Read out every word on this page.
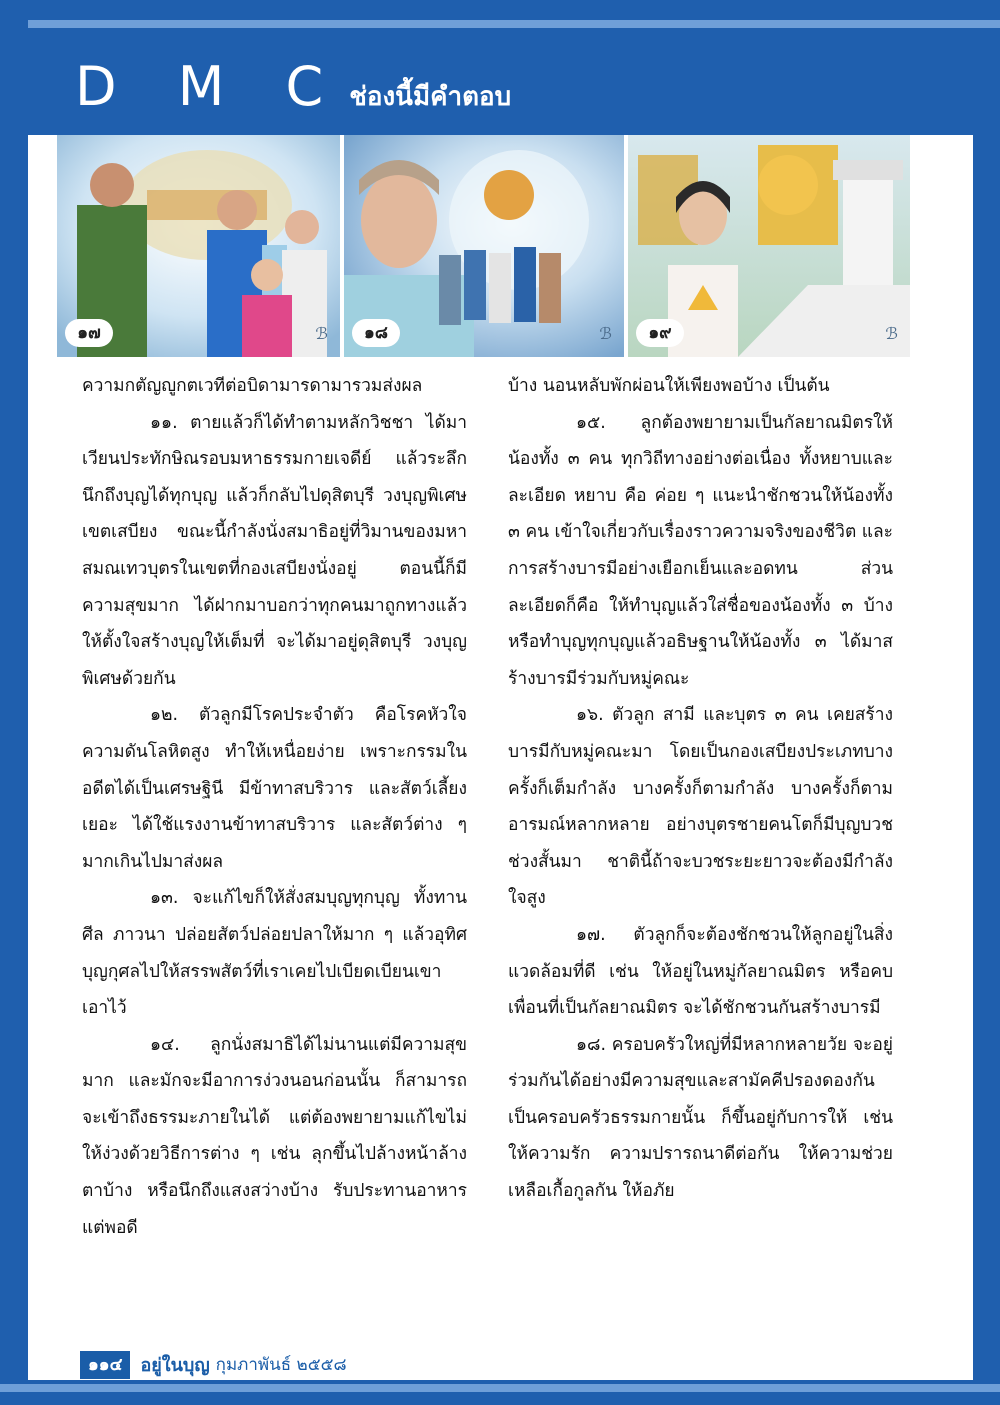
D M C ช่องนี้มีคำตอบ
๑๗	ℬ	๑๘	ℬ	๑๙	ℬ

ความกตัญญูกตเวทีต่อบิดามารดามารวมส่งผล

๑๑. ตายแล้วก็ได้ทำตามหลักวิชชา ได้มาเวียนประทักษิณรอบมหาธรรมกายเจดีย์ แล้วระลึกนึกถึงบุญได้ทุกบุญ แล้วก็กลับไปดุสิตบุรี วงบุญพิเศษ เขตเสบียง ขณะนี้กำลังนั่งสมาธิอยู่ที่วิมานของมหาสมณเทวบุตรในเขตที่กองเสบียงนั่งอยู่ ตอนนี้ก็มีความสุขมาก ได้ฝากมาบอกว่าทุกคนมาถูกทางแล้ว ให้ตั้งใจสร้างบุญให้เต็มที่ จะได้มาอยู่ดุสิตบุรี วงบุญพิเศษด้วยกัน

๑๒. ตัวลูกมีโรคประจำตัว คือโรคหัวใจ ความดันโลหิตสูง ทำให้เหนื่อยง่าย เพราะกรรมในอดีตได้เป็นเศรษฐินี มีข้าทาสบริวาร และสัตว์เลี้ยงเยอะ ได้ใช้แรงงานข้าทาสบริวาร และสัตว์ต่าง ๆ มากเกินไปมาส่งผล

๑๓. จะแก้ไขก็ให้สั่งสมบุญทุกบุญ ทั้งทาน ศีล ภาวนา ปล่อยสัตว์ปล่อยปลาให้มาก ๆ แล้วอุทิศบุญกุศลไปให้สรรพสัตว์ที่เราเคยไปเบียดเบียนเขาเอาไว้

๑๔. ลูกนั่งสมาธิได้ไม่นานแต่มีความสุขมาก และมักจะมีอาการง่วงนอนก่อนนั้น ก็สามารถจะเข้าถึงธรรมะภายในได้ แต่ต้องพยายามแก้ไขไม่ให้ง่วงด้วยวิธีการต่าง ๆ เช่น ลุกขึ้นไปล้างหน้าล้างตาบ้าง หรือนึกถึงแสงสว่างบ้าง รับประทานอาหารแต่พอดี

บ้าง นอนหลับพักผ่อนให้เพียงพอบ้าง เป็นต้น

๑๕. ลูกต้องพยายามเป็นกัลยาณมิตรให้น้องทั้ง ๓ คน ทุกวิถีทางอย่างต่อเนื่อง ทั้งหยาบและละเอียด หยาบ คือ ค่อย ๆ แนะนำชักชวนให้น้องทั้ง ๓ คน เข้าใจเกี่ยวกับเรื่องราวความจริงของชีวิต และการสร้างบารมีอย่างเยือกเย็นและอดทน ส่วนละเอียดก็คือ ให้ทำบุญแล้วใส่ชื่อของน้องทั้ง ๓ บ้าง หรือทำบุญทุกบุญแล้วอธิษฐานให้น้องทั้ง ๓ ได้มาสร้างบารมีร่วมกับหมู่คณะ

๑๖. ตัวลูก สามี และบุตร ๓ คน เคยสร้างบารมีกับหมู่คณะมา โดยเป็นกองเสบียงประเภทบางครั้งก็เต็มกำลัง บางครั้งก็ตามกำลัง บางครั้งก็ตามอารมณ์หลากหลาย อย่างบุตรชายคนโตก็มีบุญบวชช่วงสั้นมา ชาตินี้ถ้าจะบวชระยะยาวจะต้องมีกำลังใจสูง

๑๗. ตัวลูกก็จะต้องชักชวนให้ลูกอยู่ในสิ่งแวดล้อมที่ดี เช่น ให้อยู่ในหมู่กัลยาณมิตร หรือคบเพื่อนที่เป็นกัลยาณมิตร จะได้ชักชวนกันสร้างบารมี

๑๘. ครอบครัวใหญ่ที่มีหลากหลายวัย จะอยู่ร่วมกันได้อย่างมีความสุขและสามัคคีปรองดองกันเป็นครอบครัวธรรมกายนั้น ก็ขึ้นอยู่กับการให้ เช่น ให้ความรัก ความปรารถนาดีต่อกัน ให้ความช่วยเหลือเกื้อกูลกัน ให้อภัย

๑๑๔	อยู่ในบุญ กุมภาพันธ์ ๒๕๕๘
